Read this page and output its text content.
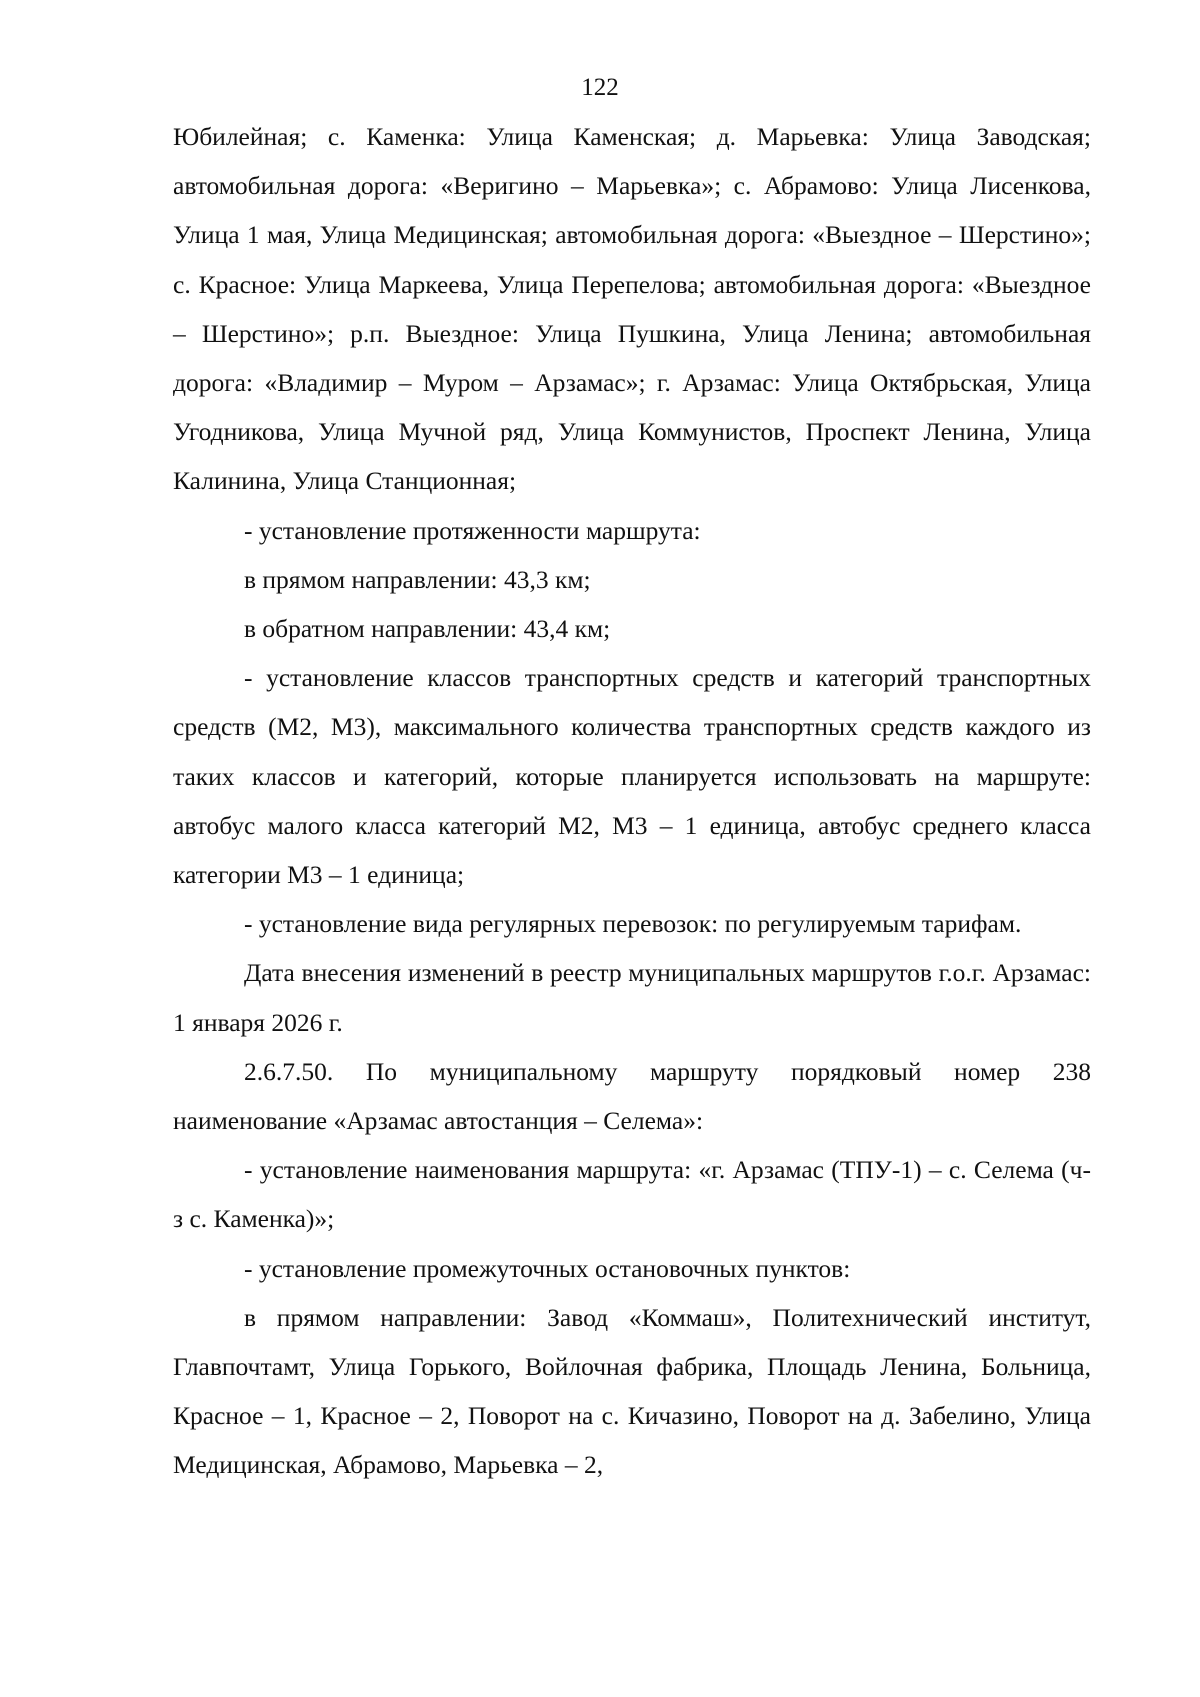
122

Юбилейная; с. Каменка: Улица Каменская; д. Марьевка: Улица Заводская; автомобильная дорога: «Веригино – Марьевка»; с. Абрамово: Улица Лисенкова, Улица 1 мая, Улица Медицинская; автомобильная дорога: «Выездное – Шерстино»; с. Красное: Улица Маркеева, Улица Перепелова; автомобильная дорога: «Выездное – Шерстино»; р.п. Выездное: Улица Пушкина, Улица Ленина; автомобильная дорога: «Владимир – Муром – Арзамас»; г. Арзамас: Улица Октябрьская, Улица Угодникова, Улица Мучной ряд, Улица Коммунистов, Проспект Ленина, Улица Калинина, Улица Станционная;

- установление протяженности маршрута:

в прямом направлении: 43,3 км;

в обратном направлении: 43,4 км;

- установление классов транспортных средств и категорий транспортных средств (М2, М3), максимального количества транспортных средств каждого из таких классов и категорий, которые планируется использовать на маршруте: автобус малого класса категорий М2, М3 – 1 единица, автобус среднего класса категории М3 – 1 единица;

- установление вида регулярных перевозок: по регулируемым тарифам.

Дата внесения изменений в реестр муниципальных маршрутов г.о.г. Арзамас: 1 января 2026 г.

2.6.7.50. По муниципальному маршруту порядковый номер 238 наименование «Арзамас автостанция – Селема»:

- установление наименования маршрута: «г. Арзамас (ТПУ-1) – с. Селема (ч-з с. Каменка)»;

- установление промежуточных остановочных пунктов:

в прямом направлении: Завод «Коммаш», Политехнический институт, Главпочтамт, Улица Горького, Войлочная фабрика, Площадь Ленина, Больница, Красное – 1, Красное – 2, Поворот на с. Кичазино, Поворот на д. Забелино, Улица Медицинская, Абрамово, Марьевка – 2,
